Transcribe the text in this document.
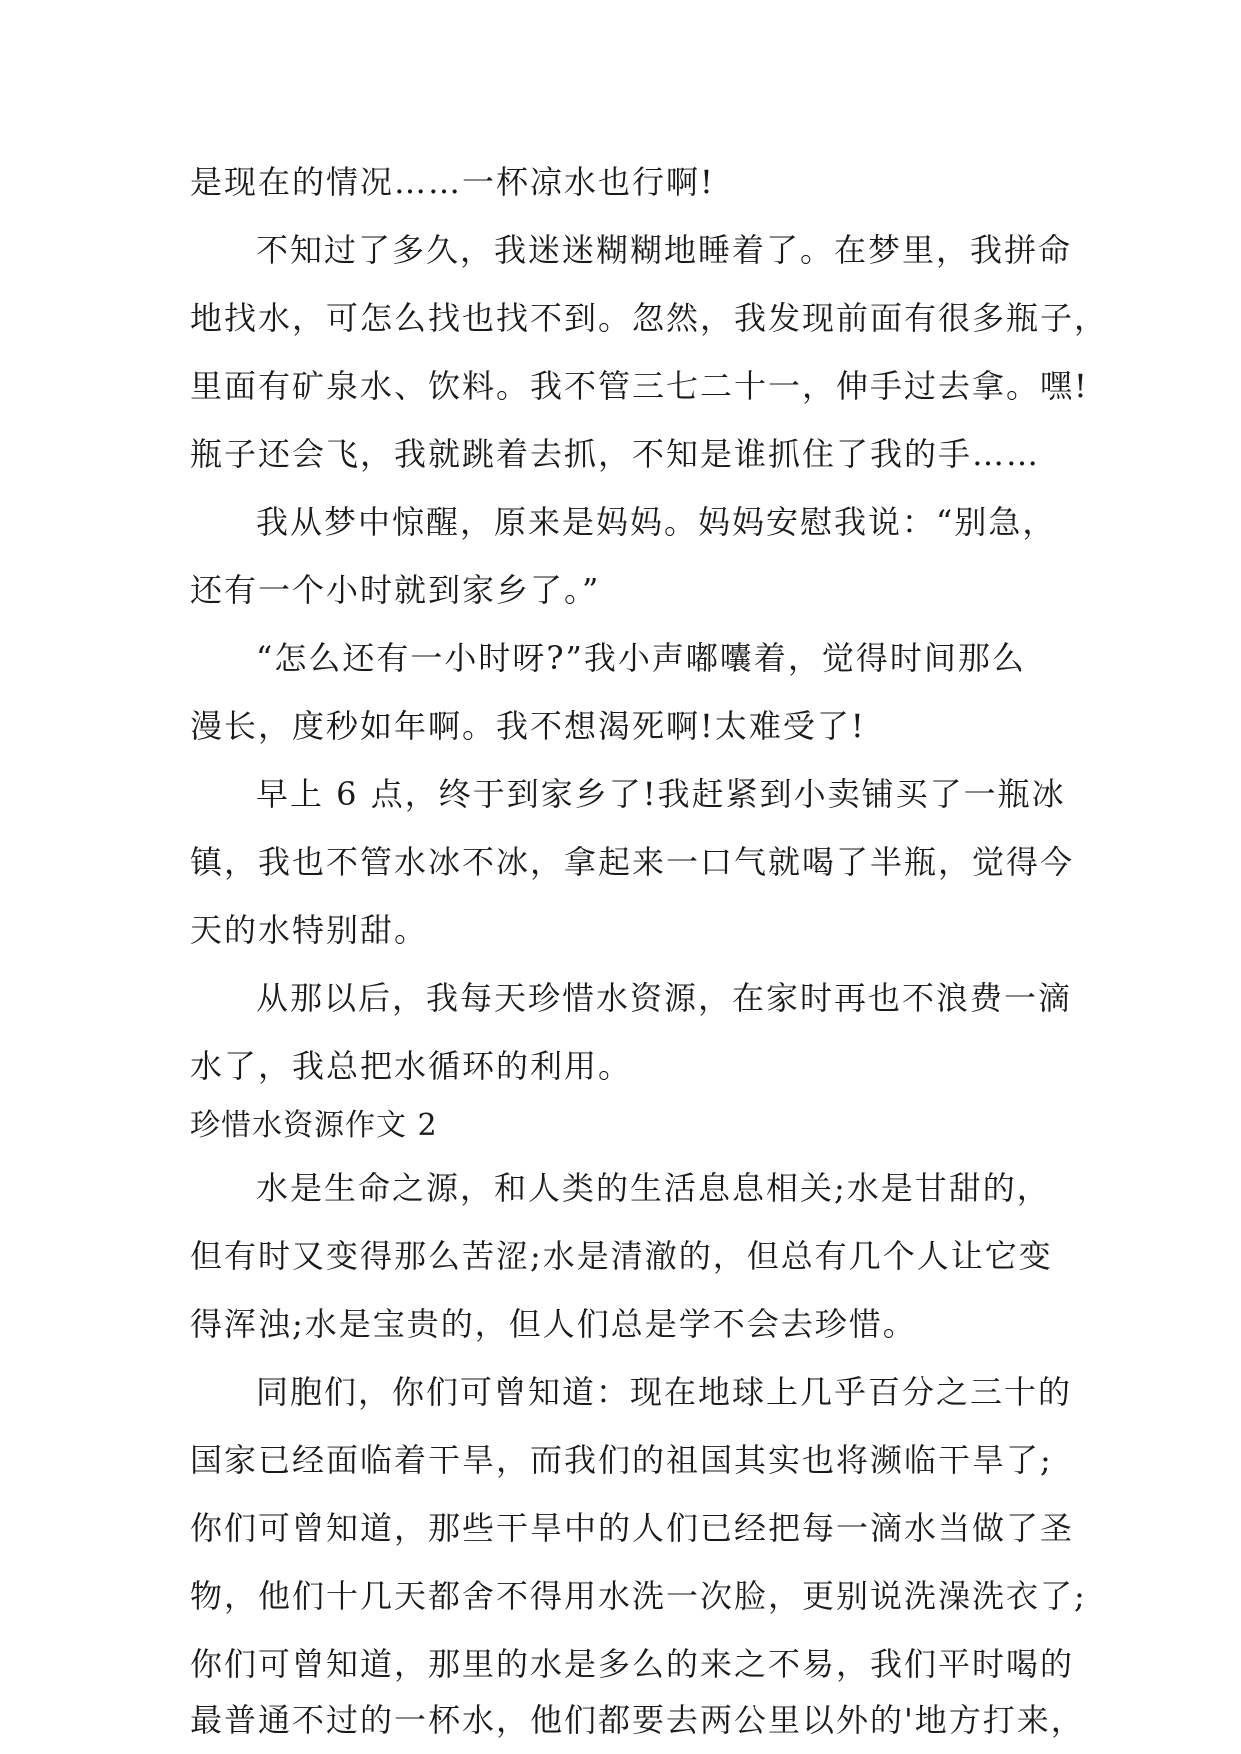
是现在的情况……一杯凉水也行啊!
不知过了多久，我迷迷糊糊地睡着了。在梦里，我拼命
地找水，可怎么找也找不到。忽然，我发现前面有很多瓶子，
里面有矿泉水、饮料。我不管三七二十一，伸手过去拿。嘿!
瓶子还会飞，我就跳着去抓，不知是谁抓住了我的手……
我从梦中惊醒，原来是妈妈。妈妈安慰我说：“别急，
还有一个小时就到家乡了。”
“怎么还有一小时呀?”我小声嘟囔着，觉得时间那么
漫长，度秒如年啊。我不想渴死啊!太难受了!
早上 6 点，终于到家乡了!我赶紧到小卖铺买了一瓶冰
镇，我也不管水冰不冰，拿起来一口气就喝了半瓶，觉得今
天的水特别甜。
从那以后，我每天珍惜水资源，在家时再也不浪费一滴
水了，我总把水循环的利用。
珍惜水资源作文 2
水是生命之源，和人类的生活息息相关;水是甘甜的，
但有时又变得那么苦涩;水是清澈的，但总有几个人让它变
得浑浊;水是宝贵的，但人们总是学不会去珍惜。
同胞们，你们可曾知道：现在地球上几乎百分之三十的
国家已经面临着干旱，而我们的祖国其实也将濒临干旱了;
你们可曾知道，那些干旱中的人们已经把每一滴水当做了圣
物，他们十几天都舍不得用水洗一次脸，更别说洗澡洗衣了;
你们可曾知道，那里的水是多么的来之不易，我们平时喝的
最普通不过的一杯水，他们都要去两公里以外的'地方打来，
